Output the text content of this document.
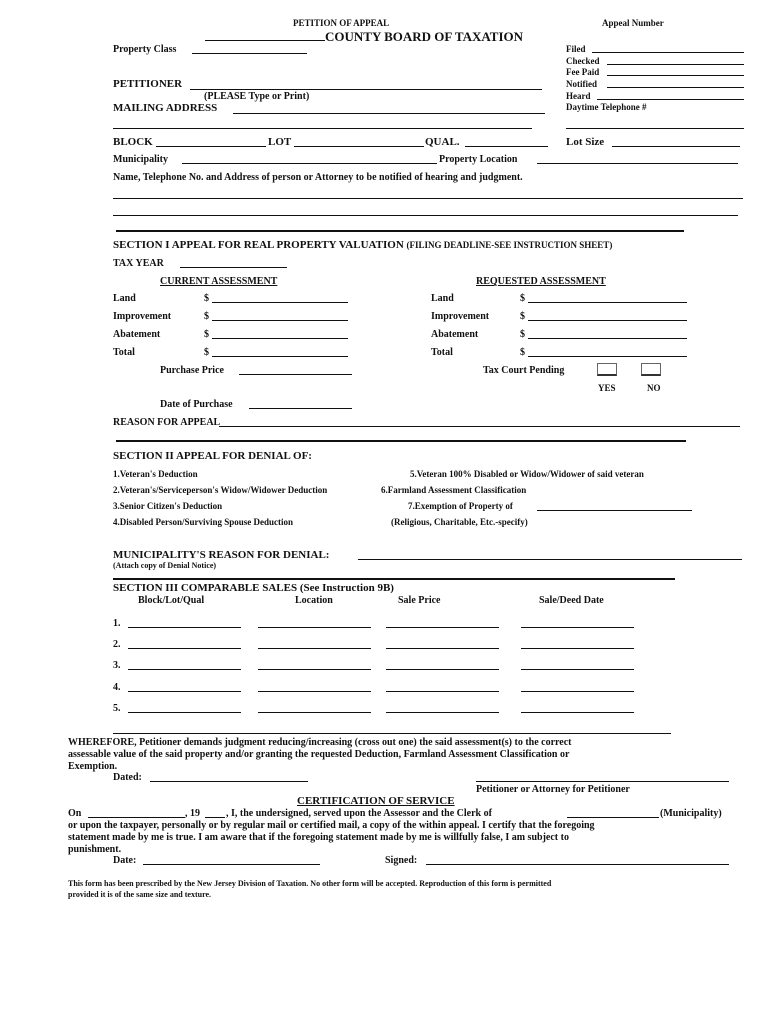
PETITION OF APPEAL	Appeal Number
COUNTY BOARD OF TAXATION
Filed
Checked
Fee Paid
Notified
Heard
Daytime Telephone #
Lot Size
Property Class
PETITIONER
(PLEASE Type or Print)
MAILING ADDRESS
BLOCK	LOT	QUAL.
Municipality	Property Location
Name, Telephone No. and Address of person or Attorney to be notified of hearing and judgment.
SECTION I APPEAL FOR REAL PROPERTY VALUATION (FILING DEADLINE-SEE INSTRUCTION SHEET)
TAX YEAR
CURRENT ASSESSMENT	REQUESTED ASSESSMENT
Land	$
Improvement	$
Abatement	$
Total	$
Land	$
Improvement	$
Abatement	$
Total	$
Purchase Price	Tax Court Pending
YES	NO
Date of Purchase
REASON FOR APPEAL
SECTION II APPEAL FOR DENIAL OF:
1.Veteran's Deduction
2.Veteran's/Serviceperson's Widow/Widower Deduction
3.Senior Citizen's Deduction
4.Disabled Person/Surviving Spouse Deduction
5.Veteran 100% Disabled or Widow/Widower of said veteran
6.Farmland Assessment Classification
7.Exemption of Property of
(Religious, Charitable, Etc.-specify)
MUNICIPALITY'S REASON FOR DENIAL:
(Attach copy of Denial Notice)
SECTION III COMPARABLE SALES (See Instruction 9B)
Block/Lot/Qual	Location	Sale Price	Sale/Deed Date
1.
2.
3.
4.
5.
WHEREFORE, Petitioner demands judgment reducing/increasing (cross out one) the said assessment(s) to the correct
assessable value of the said property and/or granting the requested Deduction, Farmland Assessment Classification or
Exemption.
Dated:
Petitioner or Attorney for Petitioner
CERTIFICATION OF SERVICE
On	, 19	, I, the undersigned, served upon the Assessor and the Clerk of	(Municipality)
or upon the taxpayer, personally or by regular mail or certified mail, a copy of the within appeal. I certify that the foregoing
statement made by me is true. I am aware that if the foregoing statement made by me is willfully false, I am subject to
punishment.
Date:	Signed:
This form has been prescribed by the New Jersey Division of Taxation. No other form will be accepted. Reproduction of this form is permitted
provided it is of the same size and texture.
